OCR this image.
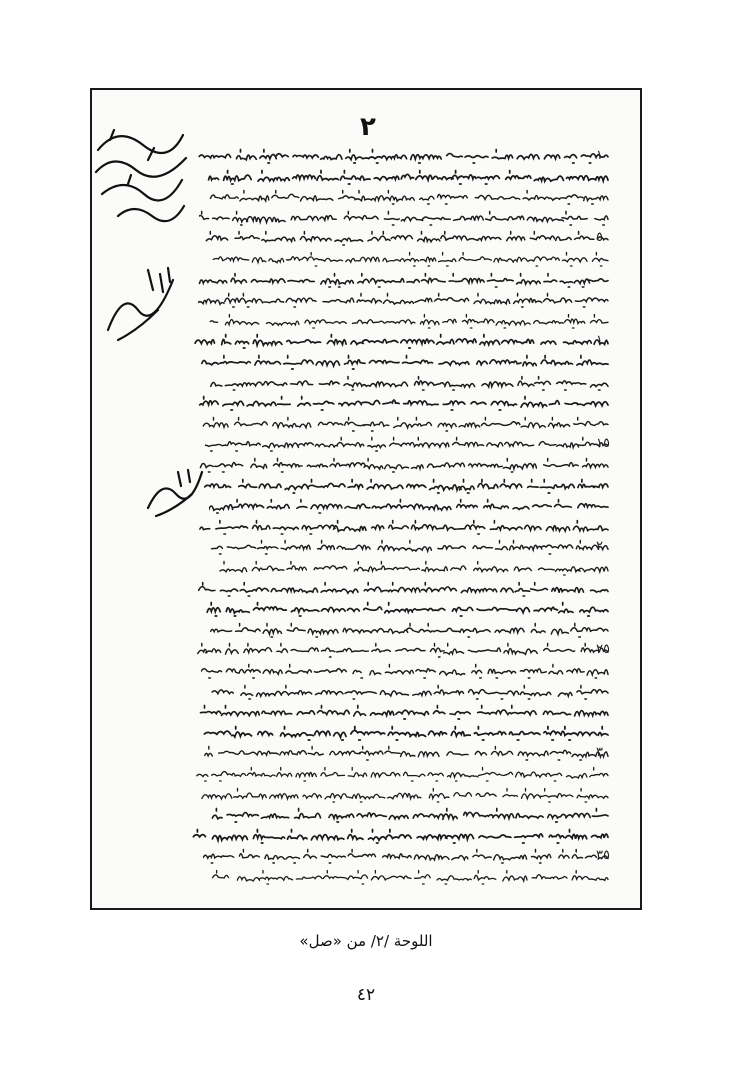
٢
١
٥
١٠
١٥
٢٠
٢٥
٣٠
٣٥
اللوحة /٢/ من «صل»
٤٢
